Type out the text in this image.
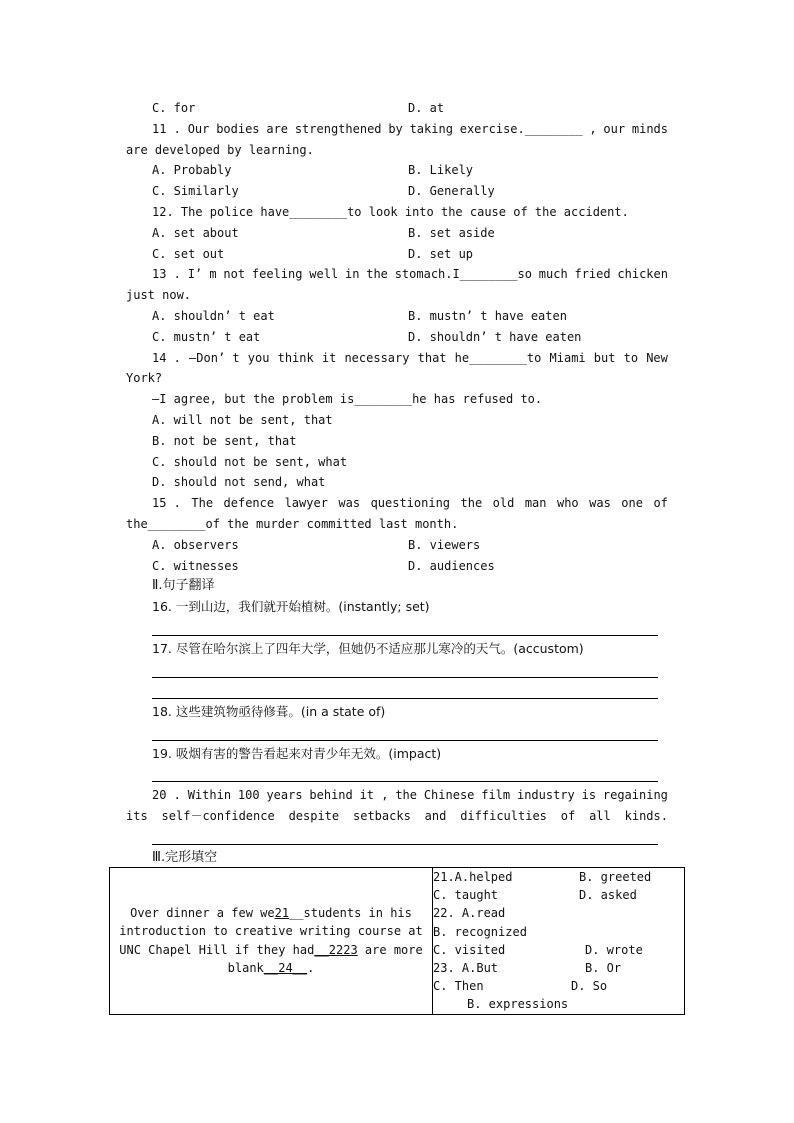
C. for	D. at
11 . Our bodies are strengthened by taking exercise.________ , our minds
are developed by learning.
A. Probably	B. Likely
C. Similarly	D. Generally
12. The police have________to look into the cause of the accident.
A. set about	B. set aside
C. set out	D. set up
13 . I’ m not feeling well in the stomach.I________so much fried chicken
just now.
A. shouldn’ t eat	B. mustn’ t have eaten
C. mustn’ t eat	D. shouldn’ t have eaten
14 . —Don’ t you think it necessary that he________to Miami but to New
York?
—I agree, but the problem is________he has refused to.
A. will not be sent, that
B. not be sent, that
C. should not be sent, what
D. should not send, what
15 . The defence lawyer was questioning the old man who was one of
the________of the murder committed last month.
A. observers	B. viewers
C. witnesses	D. audiences
Ⅱ.句子翻译
16. 一到山边，我们就开始植树。(instantly; set)
17. 尽管在哈尔滨上了四年大学，但她仍不适应那儿寒冷的天气。(accustom)
18. 这些建筑物亟待修葺。(in a state of)
19. 吸烟有害的警告看起来对青少年无效。(impact)
20 . Within 100 years behind it , the Chinese film industry is regaining
its self－confidence despite setbacks and difficulties of all kinds.
Ⅲ.完形填空
Over dinner a few we21__students in his introduction to creative writing course at UNC Chapel Hill if they had__2223 are more blank__24__.	
21.A.helped	B. greeted
C. taught	D. asked
22. A.read
B. recognized
C. visited	D. wrote
23. A.But	B. Or
C. Then	D. So
B. expressions
